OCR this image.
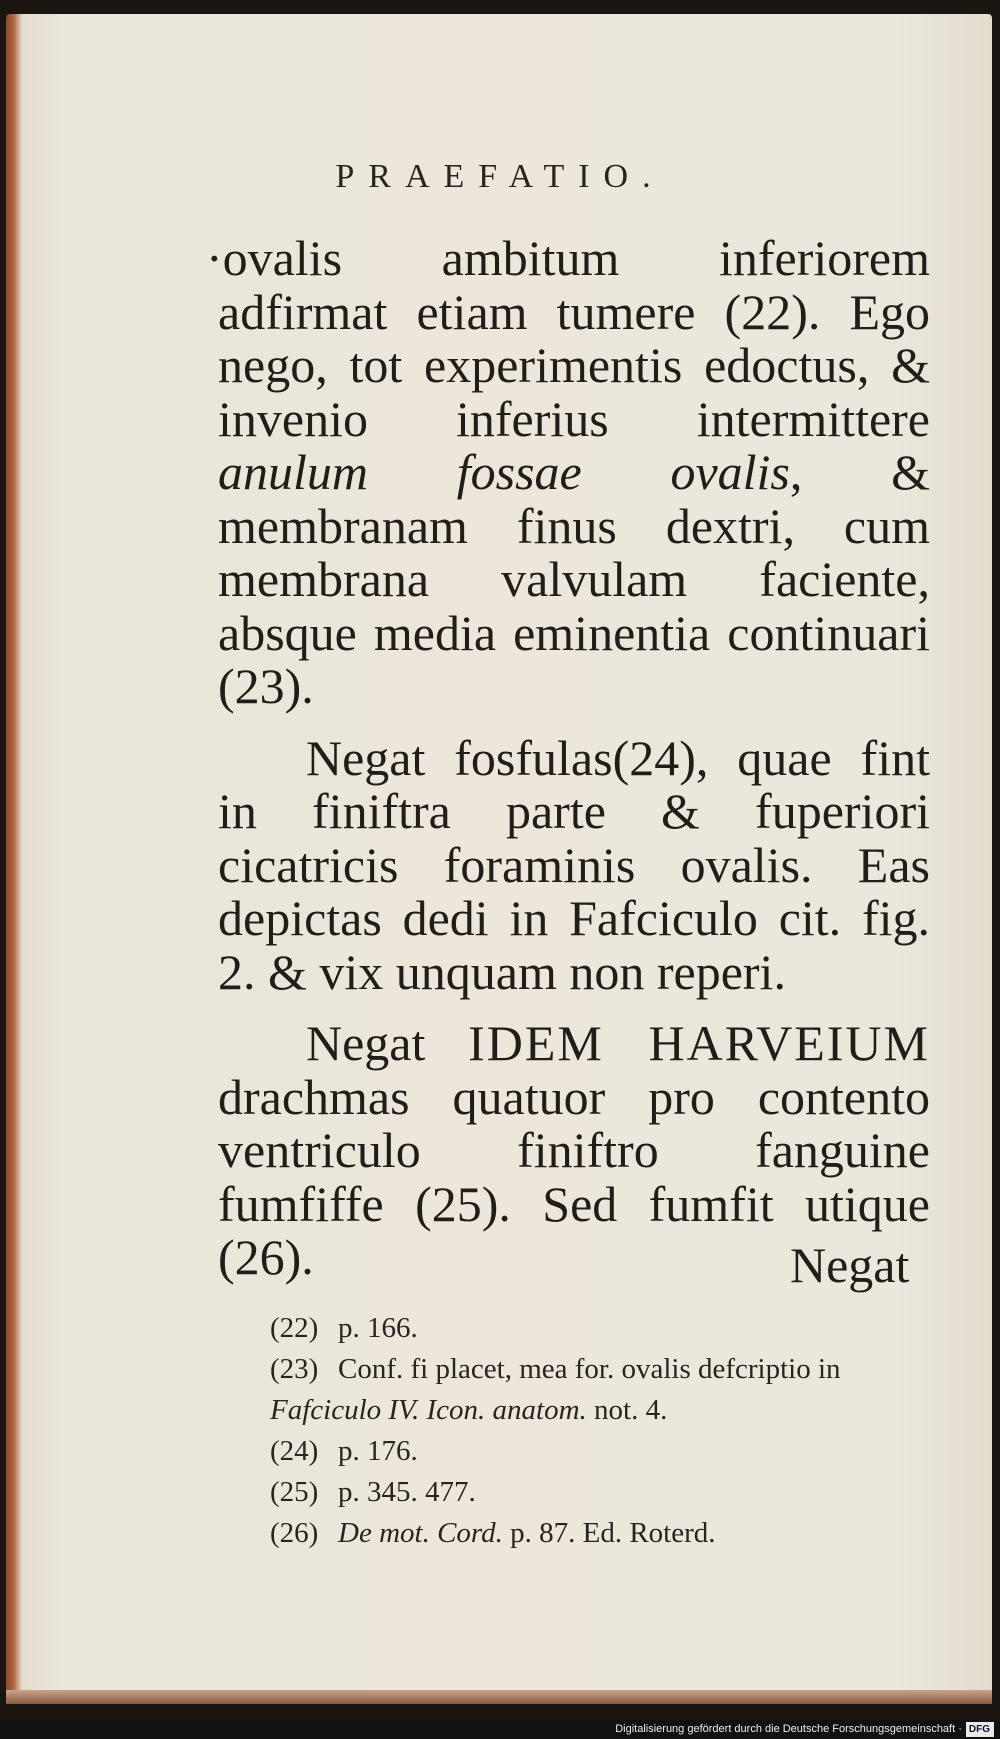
PRAEFATIO.

·ovalis ambitum inferiorem adfirmat etiam tumere (22). Ego nego, tot experimentis edoctus, & invenio inferius intermittere anulum fossae ovalis, & membranam finus dextri, cum membrana valvulam faciente, absque media eminentia continuari (23).

Negat fosfulas(24), quae fint in finiftra parte & fuperiori cicatricis foraminis ovalis. Eas depictas dedi in Fafciculo cit. fig. 2. & vix unquam non reperi.

Negat IDEM HARVEIUM drachmas quatuor pro contento ventriculo finiftro fanguine fumfiffe (25). Sed fumfit utique (26).	Negat
(22) p. 166.
(23) Conf. fi placet, mea for. ovalis defcriptio in Fafciculo IV. Icon. anatom. not. 4.
(24) p. 176.
(25) p. 345. 477.
(26) De mot. Cord. p. 87. Ed. Roterd.
Digitalisierung gefördert durch die Deutsche Forschungsgemeinschaft · DFG
